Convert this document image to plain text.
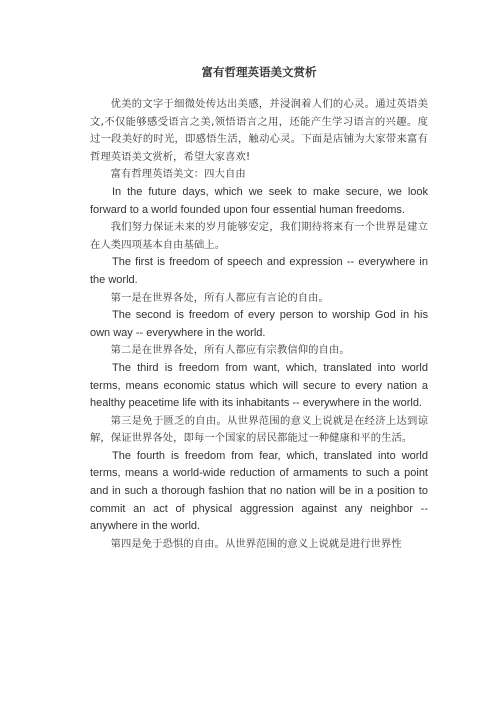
富有哲理英语美文赏析

优美的文字于细微处传达出美感，并浸润着人们的心灵。通过英语美文,不仅能够感受语言之美,领悟语言之用，还能产生学习语言的兴趣。度过一段美好的时光，即感悟生活，触动心灵。下面是店铺为大家带来富有哲理英语美文赏析，希望大家喜欢!

富有哲理英语美文：四大自由

In the future days, which we seek to make secure, we look forward to a world founded upon four essential human freedoms.

我们努力保证未来的岁月能够安定，我们期待将来有一个世界是建立在人类四项基本自由基础上。

The first is freedom of speech and expression -- everywhere in the world.

第一是在世界各处，所有人都应有言论的自由。

The second is freedom of every person to worship God in his own way -- everywhere in the world.

第二是在世界各处，所有人都应有宗教信仰的自由。

The third is freedom from want, which, translated into world terms, means economic status which will secure to every nation a healthy peacetime life with its inhabitants -- everywhere in the world.

第三是免于匮乏的自由。从世界范围的意义上说就是在经济上达到谅解，保证世界各处，即每一个国家的居民都能过一种健康和平的生活。

The fourth is freedom from fear, which, translated into world terms, means a world-wide reduction of armaments to such a point and in such a thorough fashion that no nation will be in a position to commit an act of physical aggression against any neighbor -- anywhere in the world.

第四是免于恐惧的自由。从世界范围的意义上说就是进行世界性
